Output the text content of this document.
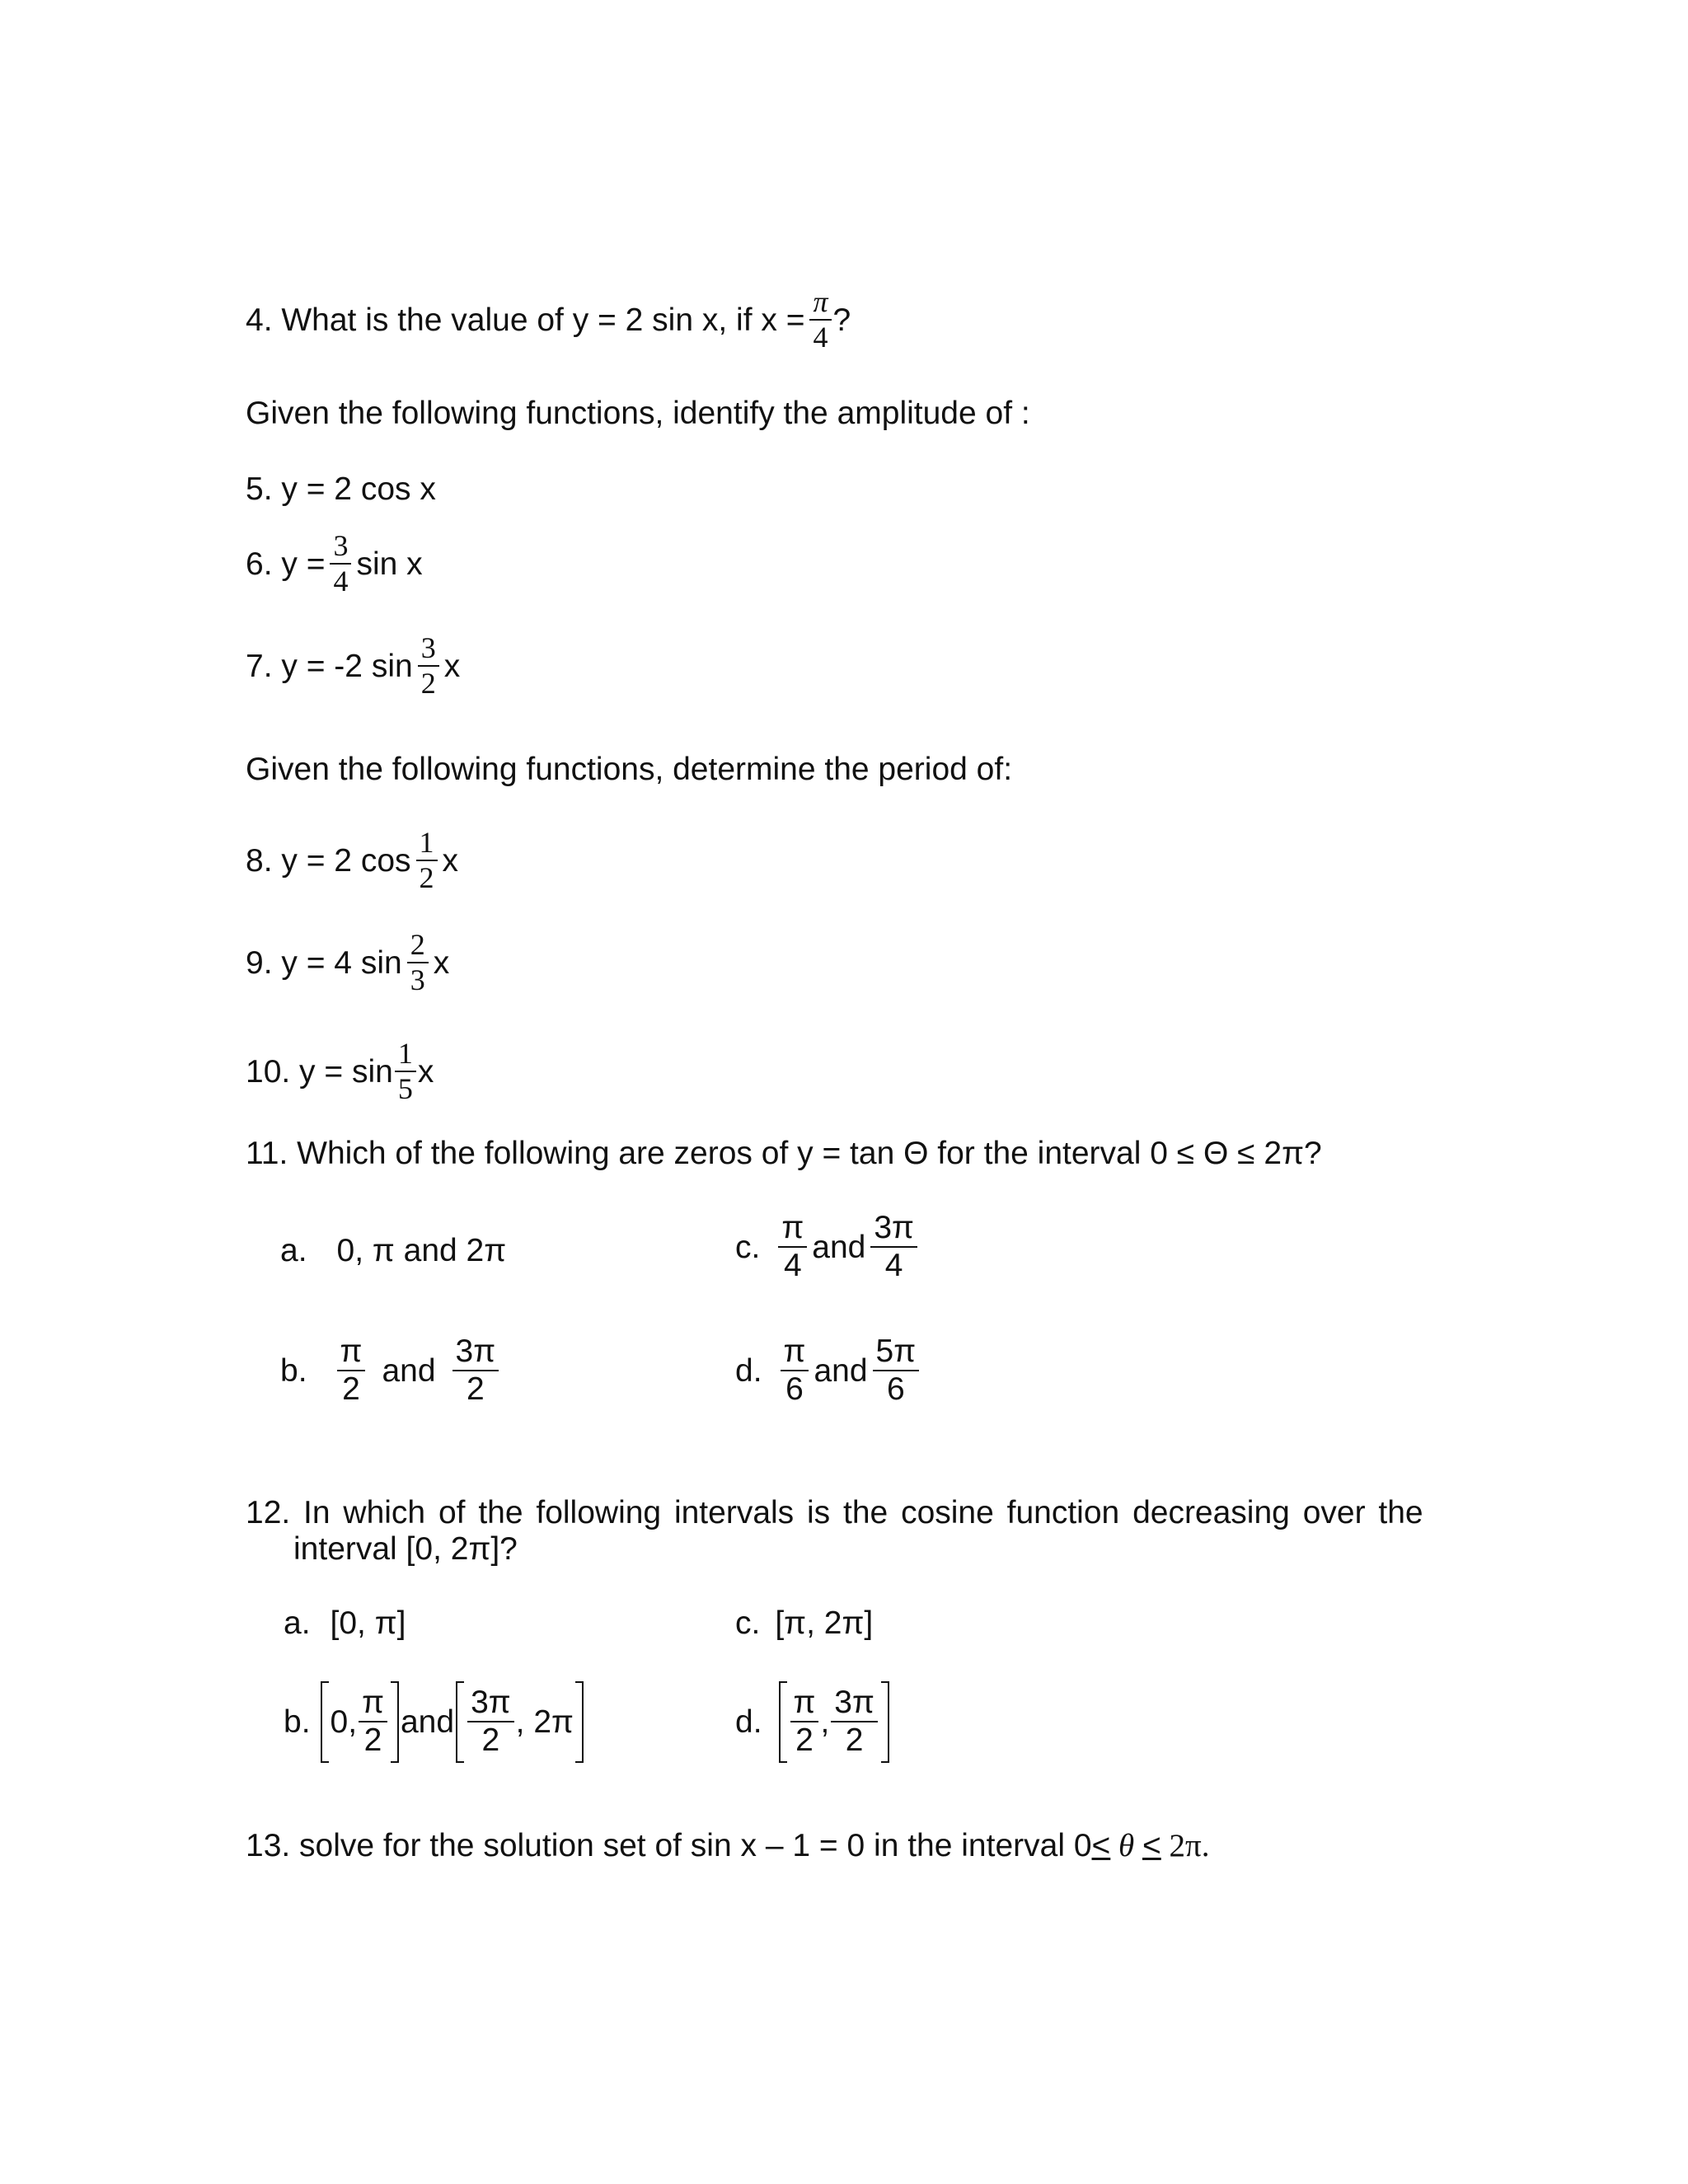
4. What is the value of y = 2 sin x, if $x = \frac{\pi}{4}$ ?
Given the following functions, identify the amplitude of :
5. y = 2 cos x
6. $y = \frac{3}{4}$ sin x
7. y = -2 $\sin \frac{3}{2}$ x
Given the following functions, determine the period of:
8. y = 2 $\cos \frac{1}{2}$ x
9. y = 4 $\sin \frac{2}{3}$ x
10. $y = \sin \frac{1}{5}$ x
11. Which of the following are zeros of y = tan Θ for the interval 0 ≤ Θ ≤ 2π?
a. 0, π and 2π	c. $\frac{\pi}{4}$ and $\frac{3\pi}{4}$
b. $\frac{\pi}{2}$ and $\frac{3\pi}{2}$	d. $\frac{\pi}{6}$ and $\frac{5\pi}{6}$
12. In which of the following intervals is the cosine function decreasing over the
interval [0, 2π]?
a. [0, π]	c. [π, 2π]
b. 0, $\frac{\pi}{2}$ and $\frac{3\pi}{2}$ , 2π	d. $\frac{\pi}{2}$ , $\frac{3\pi}{2}$
13. solve for the solution set of sin x – 1 = 0 in the interval 0≤ θ ≤ 2π.
